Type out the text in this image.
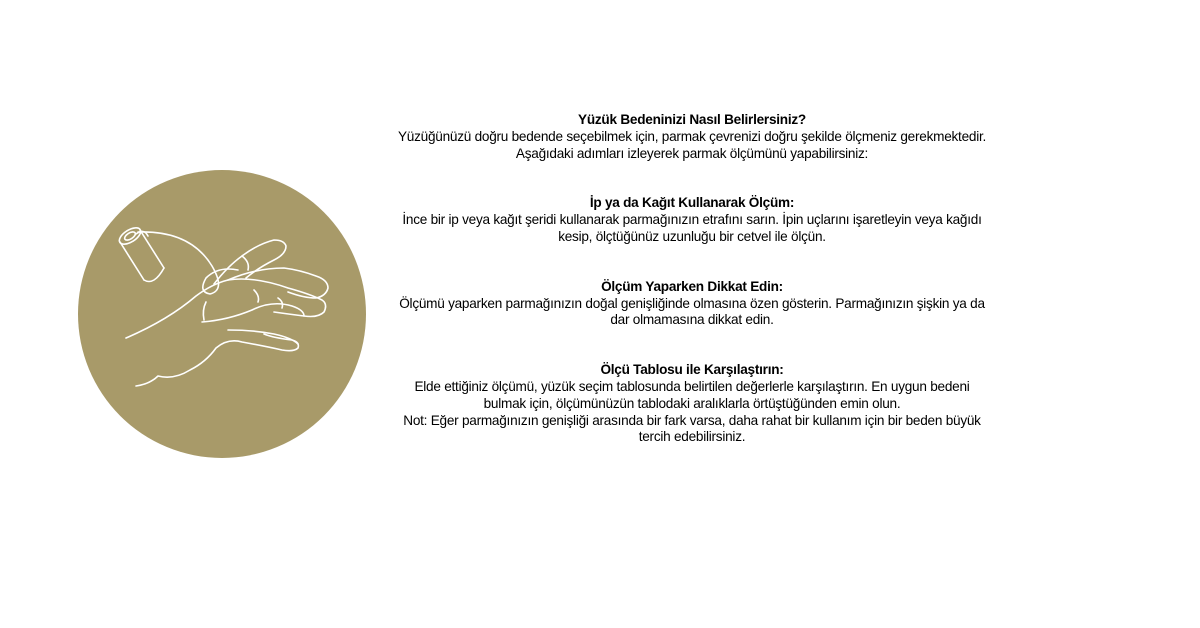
Yüzük Bedeninizi Nasıl Belirlersiniz?
Yüzüğünüzü doğru bedende seçebilmek için, parmak çevrenizi doğru şekilde ölçmeniz gerekmektedir.
Aşağıdaki adımları izleyerek parmak ölçümünü yapabilirsiniz:
İp ya da Kağıt Kullanarak Ölçüm:
İnce bir ip veya kağıt şeridi kullanarak parmağınızın etrafını sarın. İpin uçlarını işaretleyin veya kağıdı
kesip, ölçtüğünüz uzunluğu bir cetvel ile ölçün.
Ölçüm Yaparken Dikkat Edin:
Ölçümü yaparken parmağınızın doğal genişliğinde olmasına özen gösterin. Parmağınızın şişkin ya da
dar olmamasına dikkat edin.
Ölçü Tablosu ile Karşılaştırın:
Elde ettiğiniz ölçümü, yüzük seçim tablosunda belirtilen değerlerle karşılaştırın. En uygun bedeni
bulmak için, ölçümünüzün tablodaki aralıklarla örtüştüğünden emin olun.
Not: Eğer parmağınızın genişliği arasında bir fark varsa, daha rahat bir kullanım için bir beden büyük
tercih edebilirsiniz.
